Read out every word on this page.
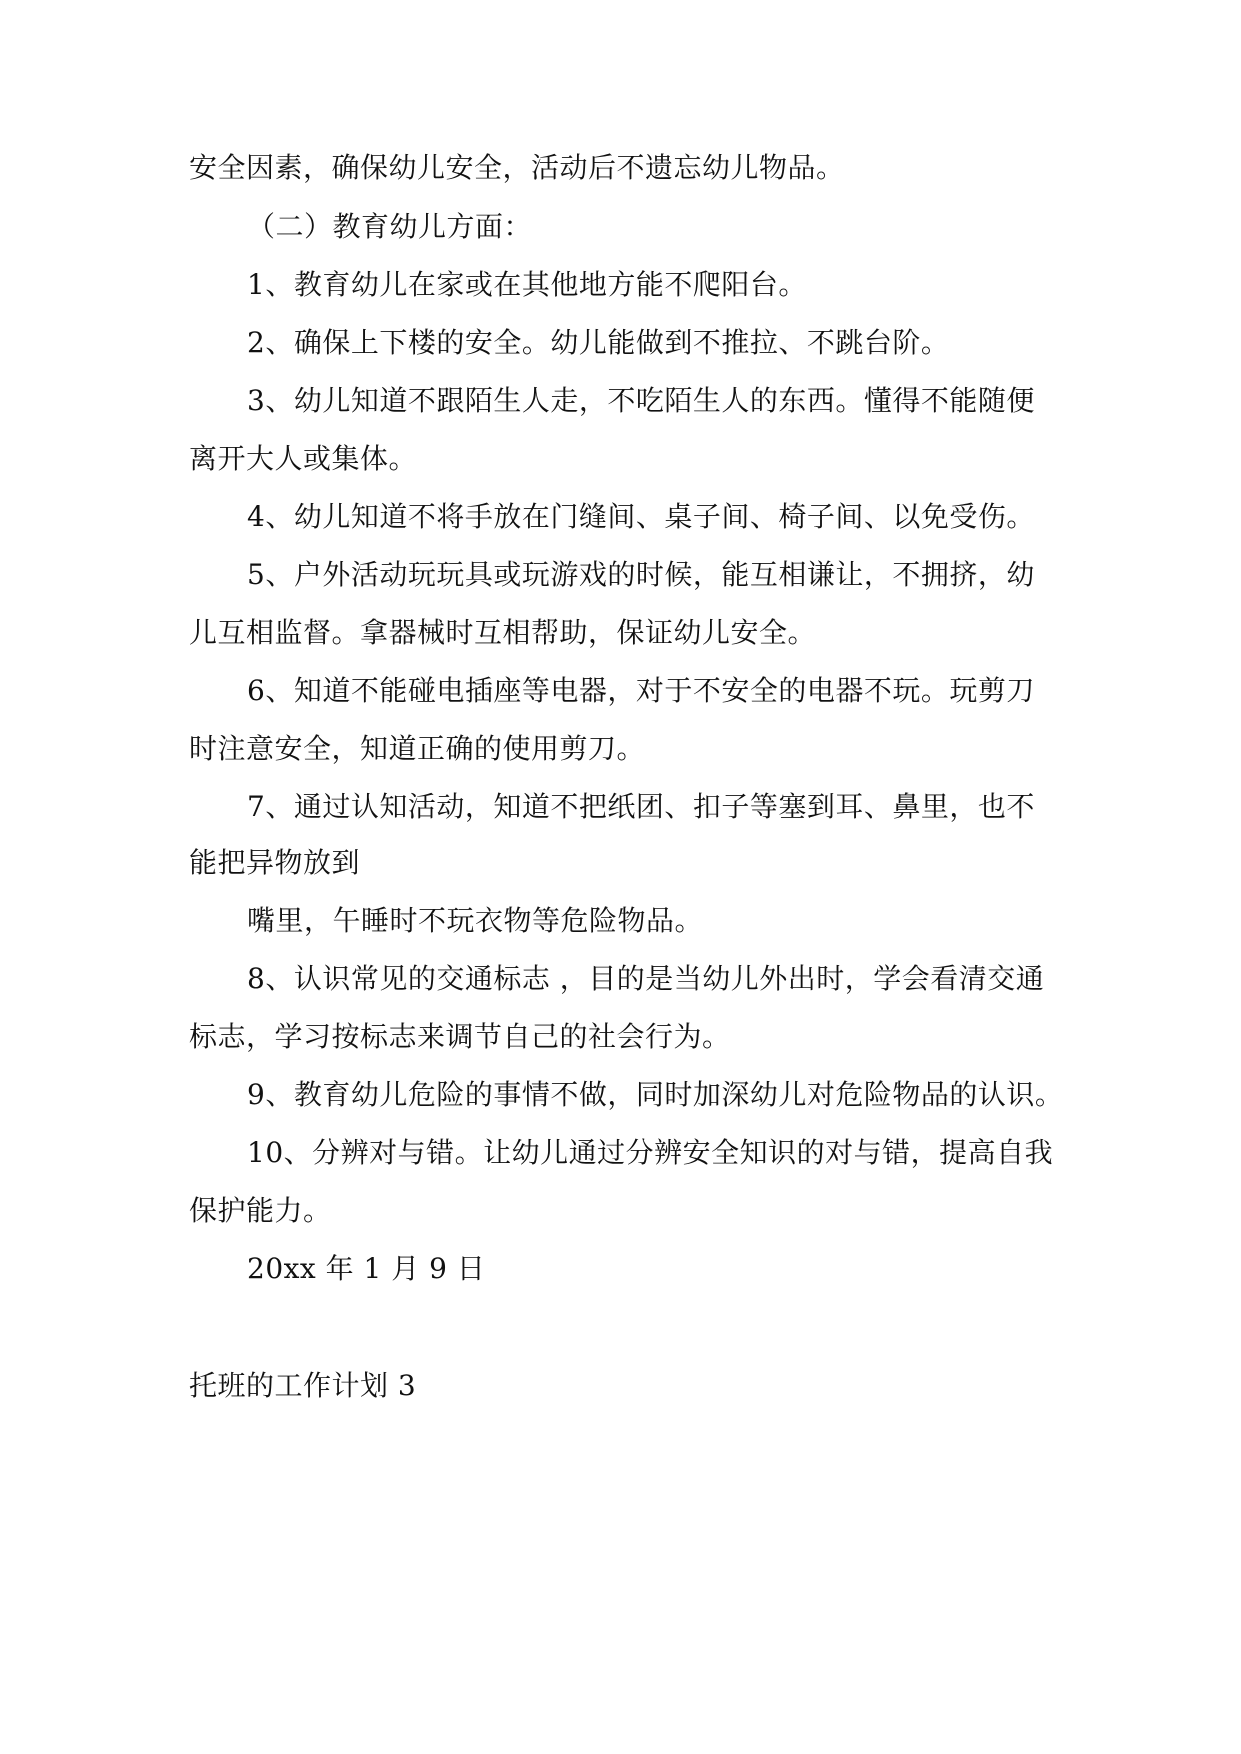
安全因素，确保幼儿安全，活动后不遗忘幼儿物品。
（二）教育幼儿方面：
1、教育幼儿在家或在其他地方能不爬阳台。
2、确保上下楼的安全。幼儿能做到不推拉、不跳台阶。
3、幼儿知道不跟陌生人走，不吃陌生人的东西。懂得不能随便
离开大人或集体。
4、幼儿知道不将手放在门缝间、桌子间、椅子间、以免受伤。
5、户外活动玩玩具或玩游戏的时候，能互相谦让，不拥挤，幼
儿互相监督。拿器械时互相帮助，保证幼儿安全。
6、知道不能碰电插座等电器，对于不安全的电器不玩。玩剪刀
时注意安全，知道正确的使用剪刀。
7、通过认知活动，知道不把纸团、扣子等塞到耳、鼻里，也不
能把异物放到
嘴里，午睡时不玩衣物等危险物品。
8、认识常见的交通标志 ，目的是当幼儿外出时，学会看清交通
标志，学习按标志来调节自己的社会行为。
9、教育幼儿危险的事情不做，同时加深幼儿对危险物品的认识。
10、分辨对与错。让幼儿通过分辨安全知识的对与错，提高自我
保护能力。
20xx 年 1 月 9 日
托班的工作计划 3
